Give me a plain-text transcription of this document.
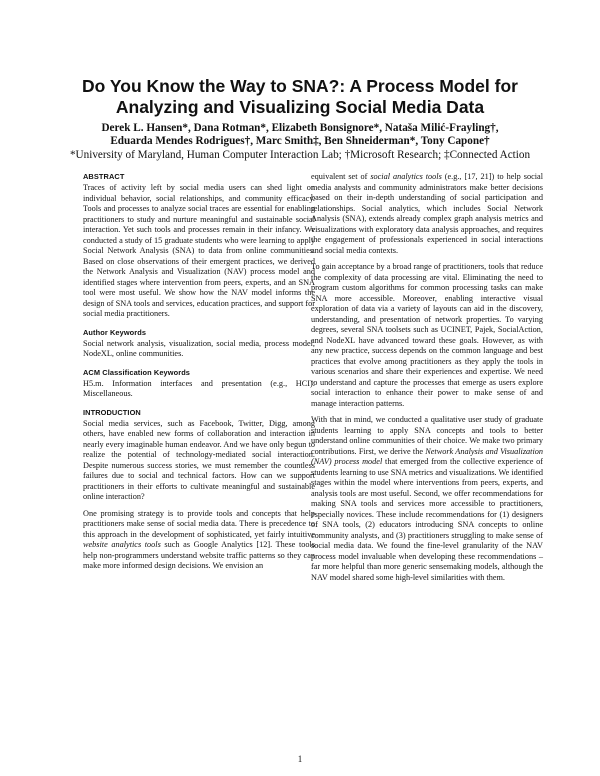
Do You Know the Way to SNA?: A Process Model for Analyzing and Visualizing Social Media Data
Derek L. Hansen*, Dana Rotman*, Elizabeth Bonsignore*, Nataša Milić-Frayling†,
Eduarda Mendes Rodrigues†, Marc Smith‡, Ben Shneiderman*, Tony Capone†
*University of Maryland, Human Computer Interaction Lab; †Microsoft Research; ‡Connected Action
ABSTRACT

Traces of activity left by social media users can shed light on individual behavior, social relationships, and community efficacy. Tools and processes to analyze social traces are essential for enabling practitioners to study and nurture meaningful and sustainable social interaction. Yet such tools and processes remain in their infancy. We conducted a study of 15 graduate students who were learning to apply Social Network Analysis (SNA) to data from online communities. Based on close observations of their emergent practices, we derived the Network Analysis and Visualization (NAV) process model and identified stages where intervention from peers, experts, and an SNA tool were most useful. We show how the NAV model informs the design of SNA tools and services, education practices, and support for social media practitioners.

Author Keywords

Social network analysis, visualization, social media, process model, NodeXL, online communities.

ACM Classification Keywords

H5.m. Information interfaces and presentation (e.g., HCI): Miscellaneous.

INTRODUCTION

Social media services, such as Facebook, Twitter, Digg, among others, have enabled new forms of collaboration and interaction in nearly every imaginable human endeavor. And we have only begun to realize the potential of technology-mediated social interaction. Despite numerous success stories, we must remember the countless failures due to social and technical factors. How can we support practitioners in their efforts to cultivate meaningful and sustainable online interaction?

One promising strategy is to provide tools and concepts that help practitioners make sense of social media data. There is precedence to this approach in the development of sophisticated, yet fairly intuitive website analytics tools such as Google Analytics [12]. These tools help non-programmers understand website traffic patterns so they can make more informed design decisions. We envision an

equivalent set of social analytics tools (e.g., [17, 21]) to help social media analysts and community administrators make better decisions based on their in-depth understanding of social participation and relationships. Social analytics, which includes Social Network Analysis (SNA), extends already complex graph analysis metrics and visualizations with exploratory data analysis approaches, and requires the engagement of professionals experienced in social interactions and social media contexts.

To gain acceptance by a broad range of practitioners, tools that reduce the complexity of data processing are vital. Eliminating the need to program custom algorithms for common processing tasks can make SNA more accessible. Moreover, enabling interactive visual exploration of data via a variety of layouts can aid in the discovery, understanding, and presentation of network properties. To varying degrees, several SNA toolsets such as UCINET, Pajek, SocialAction, and NodeXL have advanced toward these goals. However, as with any new practice, success depends on the common language and best practices that evolve among practitioners as they apply the tools in various scenarios and share their experiences and expertise. We need to understand and capture the processes that emerge as users explore social interaction to enhance their power to make sense of and manage interaction patterns.

With that in mind, we conducted a qualitative user study of graduate students learning to apply SNA concepts and tools to better understand online communities of their choice. We make two primary contributions. First, we derive the Network Analysis and Visualization (NAV) process model that emerged from the collective experience of students learning to use SNA metrics and visualizations. We identified stages within the model where interventions from peers, experts, and analysis tools are most useful. Second, we offer recommendations for making SNA tools and services more accessible to practitioners, especially novices. These include recommendations for (1) designers of SNA tools, (2) educators introducing SNA concepts to online community analysts, and (3) practitioners struggling to make sense of social media data. We found the fine-level granularity of the NAV process model invaluable when developing these recommendations – far more helpful than more generic sensemaking models, although the NAV model shared some high-level similarities with them.

1
